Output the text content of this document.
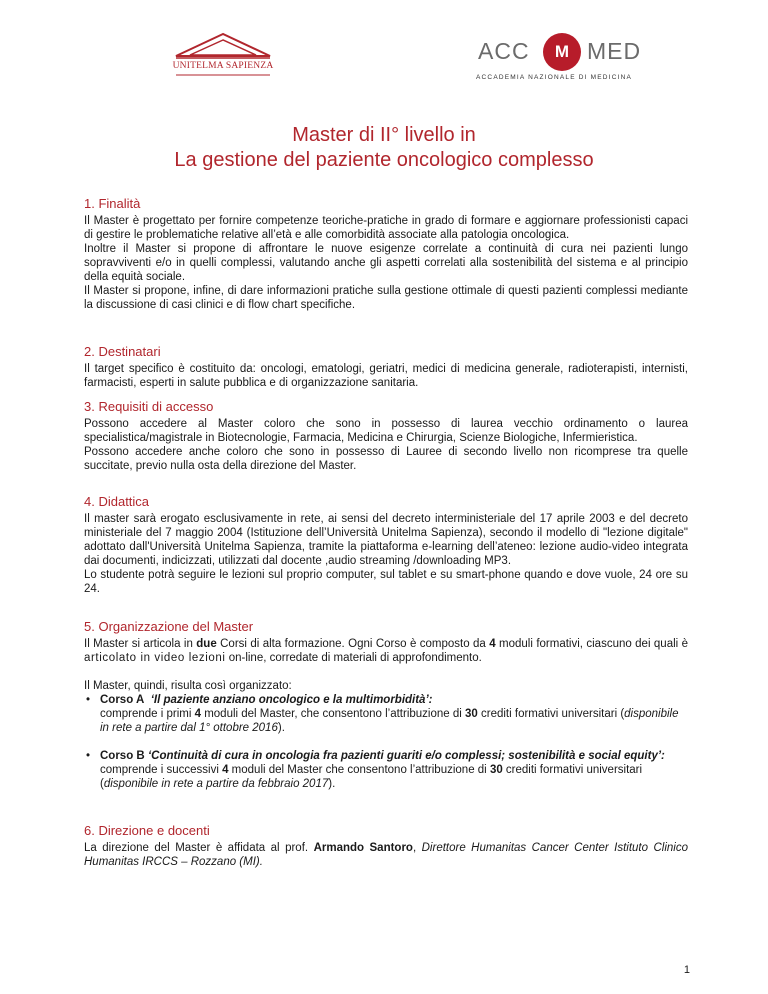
UNITELMA SAPIENZA
ACC	M MED
ACCADEMIA NAZIONALE DI MEDICINA
Master di II° livello in
La gestione del paziente oncologico complesso
1. Finalità

Il Master è progettato per fornire competenze teoriche-pratiche in grado di formare e aggiornare professionisti capaci di gestire le problematiche relative all’età e alle comorbidità associate alla patologia oncologica.

Inoltre il Master si propone di affrontare le nuove esigenze correlate a continuità di cura nei pazienti lungo sopravviventi e/o in quelli complessi, valutando anche gli aspetti correlati alla sostenibilità del sistema e al principio della equità sociale.

Il Master si propone, infine, di dare informazioni pratiche sulla gestione ottimale di questi pazienti complessi mediante la discussione di casi clinici e di flow chart specifiche.

2. Destinatari

Il target specifico è costituito da: oncologi, ematologi, geriatri, medici di medicina generale, radioterapisti, internisti, farmacisti, esperti in salute pubblica e di organizzazione sanitaria.

3. Requisiti di accesso

Possono accedere al Master coloro che sono in possesso di laurea vecchio ordinamento o laurea specialistica/magistrale in Biotecnologie, Farmacia, Medicina e Chirurgia, Scienze Biologiche, Infermieristica.

Possono accedere anche coloro che sono in possesso di Lauree di secondo livello non ricomprese tra quelle succitate, previo nulla osta della direzione del Master.

4. Didattica

Il master sarà erogato esclusivamente in rete, ai sensi del decreto interministeriale del 17 aprile 2003 e del decreto ministeriale del 7 maggio 2004 (Istituzione dell’Università Unitelma Sapienza), secondo il modello di "lezione digitale" adottato dall'Università Unitelma Sapienza, tramite la piattaforma e-learning dell’ateneo: lezione audio-video integrata dai documenti, indicizzati, utilizzati dal docente ,audio streaming /downloading MP3.

Lo studente potrà seguire le lezioni sul proprio computer, sul tablet e su smart-phone quando e dove vuole, 24 ore su 24.

5. Organizzazione del Master

Il Master si articola in due Corsi di alta formazione. Ogni Corso è composto da 4 moduli formativi, ciascuno dei quali è articolato in video lezioni on-line, corredate di materiali di approfondimento.

Il Master, quindi, risulta così organizzato:

• Corso A ‘Il paziente anziano oncologico e la multimorbidità’:
comprende i primi 4 moduli del Master, che consentono l’attribuzione di 30 crediti formativi universitari (disponibile in rete a partire dal 1° ottobre 2016).
• Corso B ‘Continuità di cura in oncologia fra pazienti guariti e/o complessi; sostenibilità e social equity’:
comprende i successivi 4 moduli del Master che consentono l’attribuzione di 30 crediti formativi universitari (disponibile in rete a partire da febbraio 2017).
6. Direzione e docenti

La direzione del Master è affidata al prof. Armando Santoro, Direttore Humanitas Cancer Center Istituto Clinico Humanitas IRCCS – Rozzano (MI).

1
